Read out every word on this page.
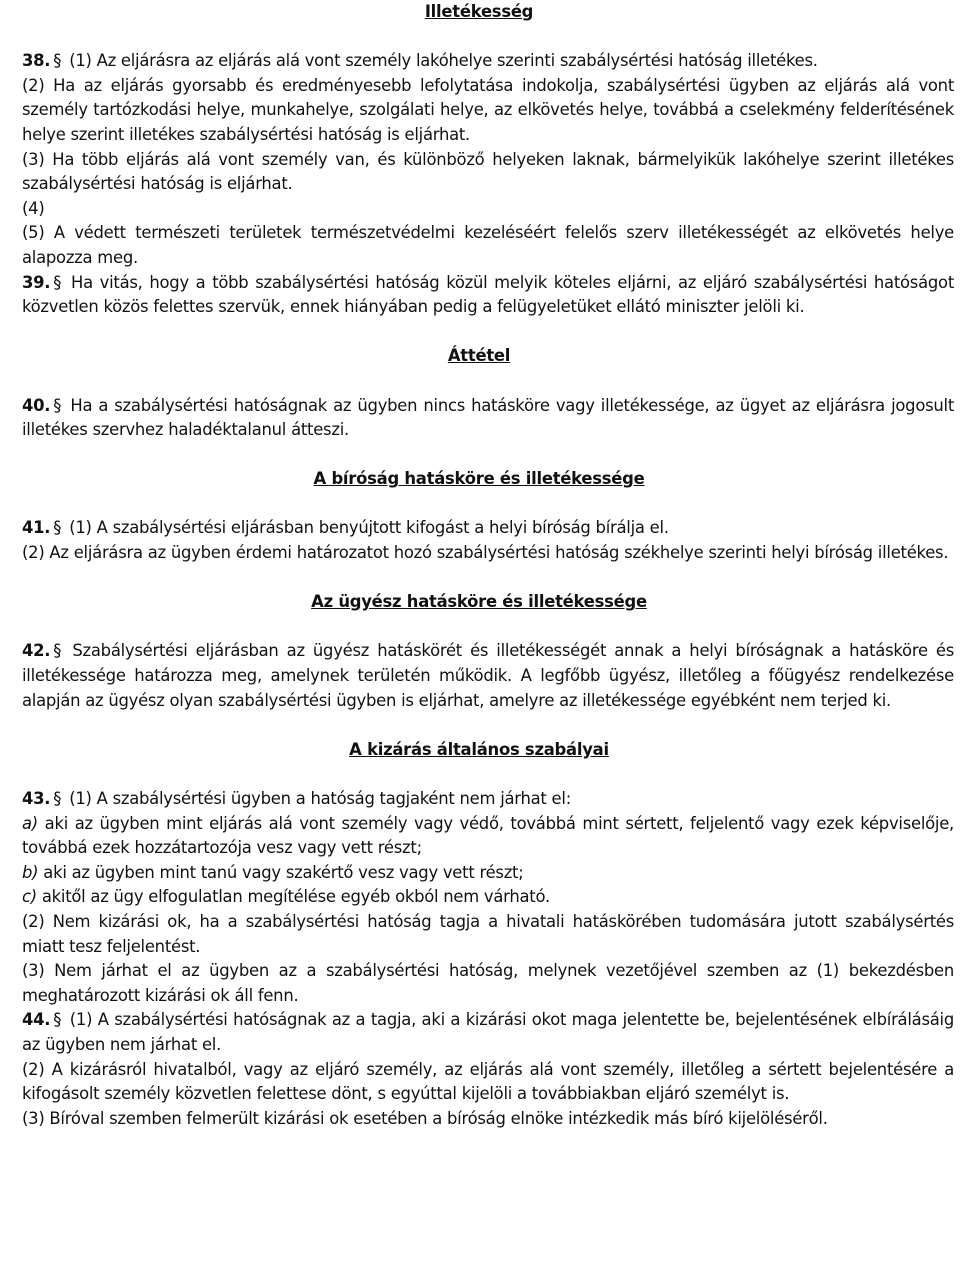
Illetékesség

38. § (1) Az eljárásra az eljárás alá vont személy lakóhelye szerinti szabálysértési hatóság illetékes.

(2) Ha az eljárás gyorsabb és eredményesebb lefolytatása indokolja, szabálysértési ügyben az eljárás alá vont személy tartózkodási helye, munkahelye, szolgálati helye, az elkövetés helye, továbbá a cselekmény felderítésének helye szerint illetékes szabálysértési hatóság is eljárhat.

(3) Ha több eljárás alá vont személy van, és különböző helyeken laknak, bármelyikük lakóhelye szerint illetékes szabálysértési hatóság is eljárhat.

(4)

(5) A védett természeti területek természetvédelmi kezeléséért felelős szerv illetékességét az elkövetés helye alapozza meg.

39. § Ha vitás, hogy a több szabálysértési hatóság közül melyik köteles eljárni, az eljáró szabálysértési hatóságot közvetlen közös felettes szervük, ennek hiányában pedig a felügyeletüket ellátó miniszter jelöli ki.

Áttétel

40. § Ha a szabálysértési hatóságnak az ügyben nincs hatásköre vagy illetékessége, az ügyet az eljárásra jogosult illetékes szervhez haladéktalanul átteszi.

A bíróság hatásköre és illetékessége

41. § (1) A szabálysértési eljárásban benyújtott kifogást a helyi bíróság bírálja el.

(2) Az eljárásra az ügyben érdemi határozatot hozó szabálysértési hatóság székhelye szerinti helyi bíróság illetékes.

Az ügyész hatásköre és illetékessége

42. § Szabálysértési eljárásban az ügyész hatáskörét és illetékességét annak a helyi bíróságnak a hatásköre és illetékessége határozza meg, amelynek területén működik. A legfőbb ügyész, illetőleg a főügyész rendelkezése alapján az ügyész olyan szabálysértési ügyben is eljárhat, amelyre az illetékessége egyébként nem terjed ki.

A kizárás általános szabályai

43. § (1) A szabálysértési ügyben a hatóság tagjaként nem járhat el:

a) aki az ügyben mint eljárás alá vont személy vagy védő, továbbá mint sértett, feljelentő vagy ezek képviselője, továbbá ezek hozzátartozója vesz vagy vett részt;

b) aki az ügyben mint tanú vagy szakértő vesz vagy vett részt;

c) akitől az ügy elfogulatlan megítélése egyéb okból nem várható.

(2) Nem kizárási ok, ha a szabálysértési hatóság tagja a hivatali hatáskörében tudomására jutott szabálysértés miatt tesz feljelentést.

(3) Nem járhat el az ügyben az a szabálysértési hatóság, melynek vezetőjével szemben az (1) bekezdésben meghatározott kizárási ok áll fenn.

44. § (1) A szabálysértési hatóságnak az a tagja, aki a kizárási okot maga jelentette be, bejelentésének elbírálásáig az ügyben nem járhat el.

(2) A kizárásról hivatalból, vagy az eljáró személy, az eljárás alá vont személy, illetőleg a sértett bejelentésére a kifogásolt személy közvetlen felettese dönt, s egyúttal kijelöli a továbbiakban eljáró személyt is.

(3) Bíróval szemben felmerült kizárási ok esetében a bíróság elnöke intézkedik más bíró kijelöléséről.
